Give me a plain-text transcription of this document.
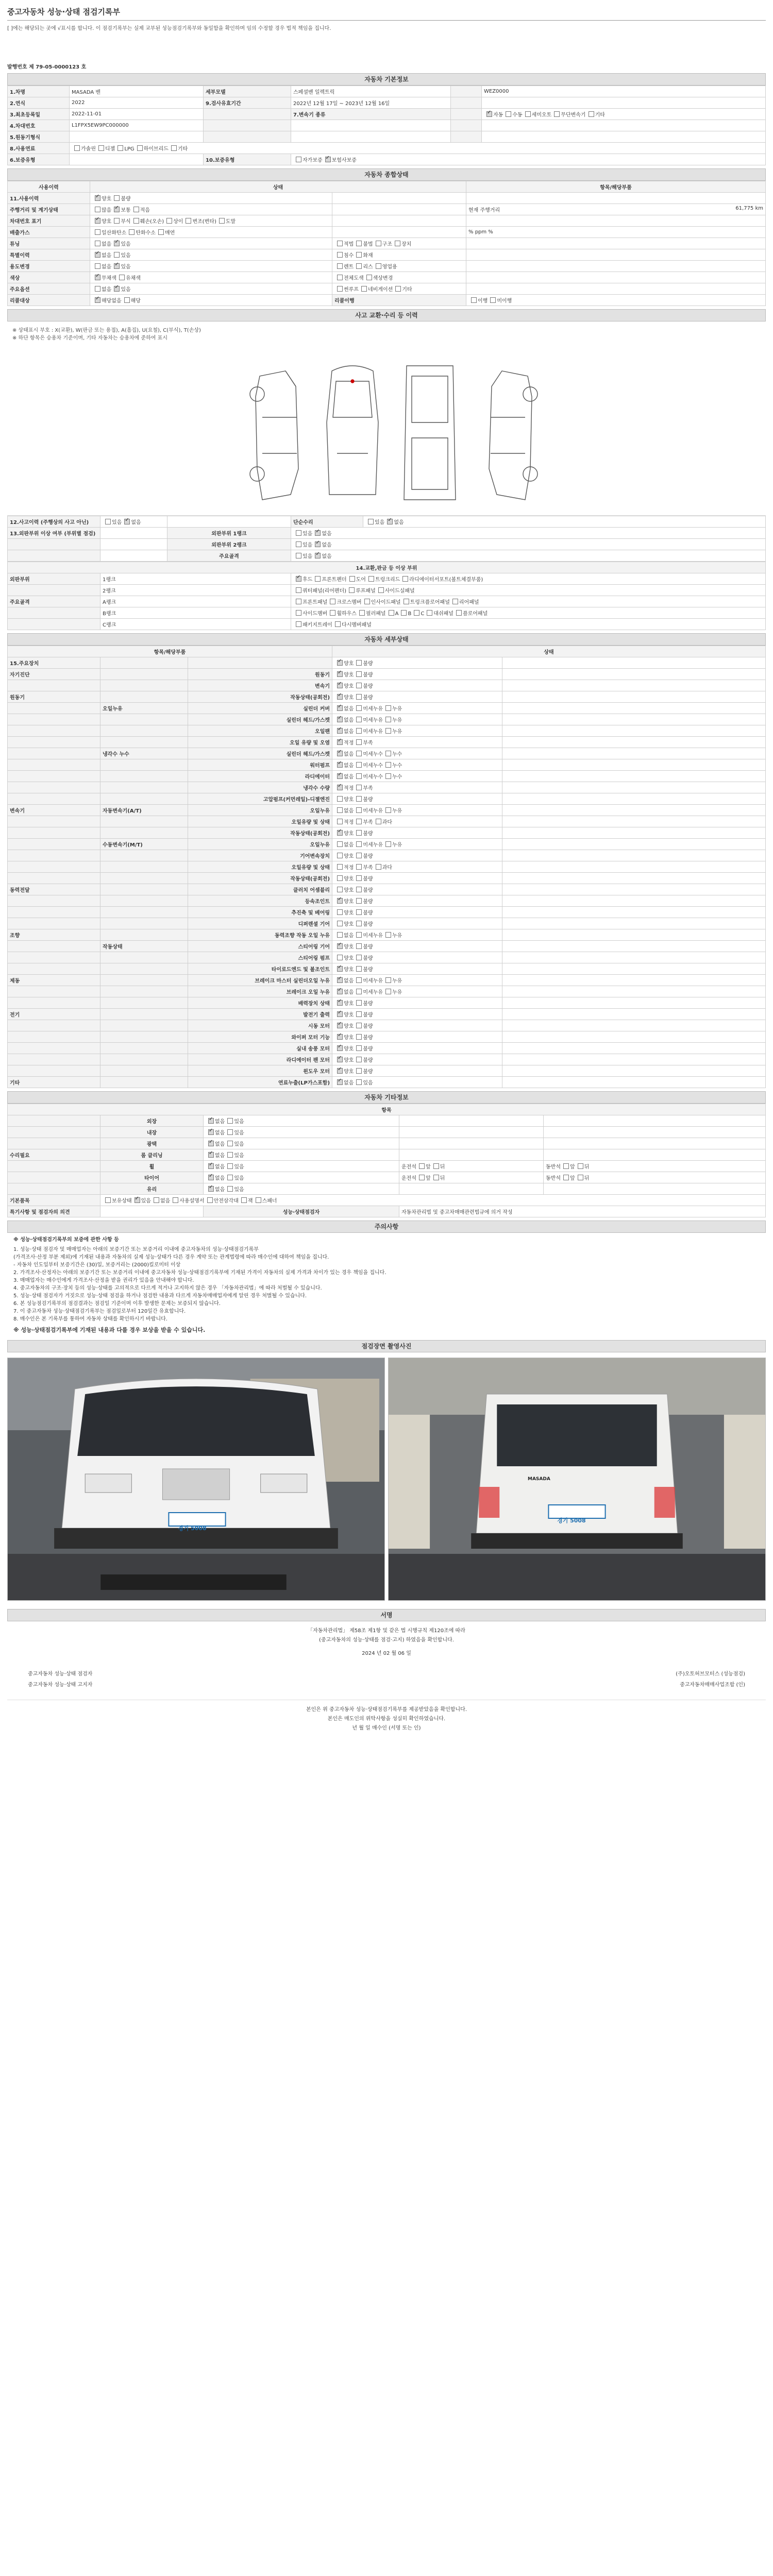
중고자동차 성능·상태 점검기록부
[ ]에는 해당되는 곳에 √표시를 합니다. 이 점검기록부는 실제 교부된 성능점검기록부와 동일함을 확인하며 임의 수정할 경우 법적 책임을 집니다.
발행번호 제 79-05-0000123 호
자동차 기본정보
1.차명	MASADA 밴	세부모델	스페셜밴 일렉트릭		WEZ0000
2.연식	2022	9.검사유효기간	2022년 12월 17일 ~ 2023년 12월 16일		
3.최초등록일	2022-11-01		7.변속기 종류		✓자동 수동 세미오토 무단변속기 기타
4.차대번호	L1FPX5EW9PC000000				
5.원동기형식					
8.사용연료	가솔린 디젤 LPG 하이브리드 기타				
6.보증유형		10.보증유형	자가보증 ✓ 보험사보증
자동차 종합상태
사용이력	상태		항목/해당부품
11.사용이력	✓양호 불량		
주행거리 및 계기상태	많음 ✓ 보통 적음		현재 주행거리 61,775 km

차대번호 표기	✓양호 부식 훼손(오손) 상이 변조(변타) 도말		
배출가스	일산화탄소 탄화수소 매연		% ppm %
튜닝	없음 ✓ 있음	적법 불법 구조 장치	
특별이력	✓없음 있음	침수 화재	
용도변경	없음 ✓ 있음	렌트 리스 영업용	
색상	✓무채색 유채색	전체도색 색상변경	
주요옵션	없음 ✓ 있음	썬루프 네비게이션 기타	
리콜대상	✓해당없음 해당	리콜이행	이행 미이행
사고 교환·수리 등 이력
※ 상태표시 부호 : X(교환), W(판금 또는 용접), A(흠집), U(요철), C(부식), T(손상)
※ 하단 항목은 승용차 기준이며, 기타 자동차는 승용차에 준하여 표시
12.사고이력 (주행상의 사고 아닌)	있음 ✓ 없음		단순수리	있음 ✓ 없음
13.외판부위 이상 여부 (부위별 점검)		외판부위 1랭크	있음 ✓ 없음
		외판부위 2랭크	있음 ✓ 없음
		주요골격	있음 ✓ 없음
14.교환,판금 등 이상 부위		
외판부위	1랭크	✓후드 프론트펜더 도어 트렁크리드 라디에이터서포트(볼트체결부품)
	2랭크	쿼터패널(리어펜더) 루프패널 사이드실패널
주요골격	A랭크	프론트패널 크로스멤버 인사이드패널 트렁크플로어패널 리어패널
	B랭크	사이드멤버 휠하우스 필러패널 A B C 대쉬패널 플로어패널
	C랭크	패키지트레이 다시멤버패널
자동차 세부상태
항목/해당부품			상태	
15.주요장치			✓양호 불량	
자기진단		원동기	✓양호 불량	
		변속기	✓양호 불량	
원동기		작동상태(공회전)	✓양호 불량	
	오일누유	실린더 커버	✓없음 미세누유 누유	
		실린더 헤드/가스켓	✓없음 미세누유 누유	
		오일팬	✓없음 미세누유 누유	
		오일 유량 및 오염	✓적정 부족	
	냉각수 누수	실린더 헤드/가스켓	✓없음 미세누수 누수	
		워터펌프	✓없음 미세누수 누수	
		라디에이터	✓없음 미세누수 누수	
		냉각수 수량	✓적정 부족	
		고압펌프(커먼레일)-디젤엔진	양호 불량	
변속기	자동변속기(A/T)	오일누유	없음 미세누유 누유	
		오일유량 및 상태	적정 부족 과다	
		작동상태(공회전)	✓양호 불량	
	수동변속기(M/T)	오일누유	없음 미세누유 누유	
		기어변속장치	양호 불량	
		오일유량 및 상태	적정 부족 과다	
		작동상태(공회전)	양호 불량	
동력전달		클러치 어셈블리	양호 불량	
		등속조인트	✓양호 불량	
		추진축 및 베어링	양호 불량	
		디퍼렌셜 기어	양호 불량	
조향		동력조향 작동 오일 누유	없음 미세누유 누유	
	작동상태	스티어링 기어	✓양호 불량	
		스티어링 펌프	양호 불량	
		타이로드엔드 및 볼조인트	✓양호 불량	
제동		브레이크 마스터 실린더오일 누유	✓없음 미세누유 누유	
		브레이크 오일 누유	✓없음 미세누유 누유	
		배력장치 상태	✓양호 불량	
전기		발전기 출력	✓양호 불량	
		시동 모터	✓양호 불량	
		와이퍼 모터 기능	✓양호 불량	
		실내 송풍 모터	✓양호 불량	
		라디에이터 팬 모터	✓양호 불량	
		윈도우 모터	✓양호 불량	
기타		연료누출(LP가스포함)	✓없음 있음	
자동차 기타정보
항목				
	외장	✓없음 있음		
	내장	✓없음 있음		
	광택	✓없음 있음		
수리필요	룸 클리닝	✓없음 있음		
	휠	✓없음 있음	운전석 앞 뒤	동반석 앞 뒤
	타이어	✓없음 있음	운전석 앞 뒤	동반석 앞 뒤
	유리	✓없음 있음		
기본품목	보유상태 ✓ 있음 없음 사용설명서 안전삼각대 잭 스패너
특기사항 및 점검자의 의견		성능·상태점검자	자동차관리법 및 중고차매매관련법규에 의거 작성	
주의사항
※ 성능·상태점검기록부의 보증에 관한 사항 등
1. 성능·상태 점검자 및 매매업자는 아래의 보증기간 또는 보증거리 이내에 중고자동차의 성능·상태점검기록부
(가격조사·산정 부분 제외)에 기재된 내용과 자동차의 실제 성능·상태가 다른 경우 계약 또는 관계법령에 따라 매수인에 대하여 책임을 집니다.
- 자동차 인도일부터 보증기간은 (30)일, 보증거리는 (2000)킬로미터 이상
2. 가격조사·산정자는 아래의 보증기간 또는 보증거리 이내에 중고자동차 성능·상태점검기록부에 기재된 가격이 자동차의 실제 가격과 차이가 있는 경우 책임을 집니다.
3. 매매업자는 매수인에게 가격조사·산정을 받을 권리가 있음을 안내해야 합니다.
4. 중고자동차의 구조·장치 등의 성능·상태를 고의적으로 다르게 적거나 고지하지 않은 경우 「자동차관리법」에 따라 처벌될 수 있습니다.
5. 성능·상태 점검자가 거짓으로 성능·상태 점검을 하거나 점검한 내용과 다르게 자동차매매업자에게 알린 경우 처벌될 수 있습니다.
6. 본 성능점검기록부의 점검결과는 점검일 기준이며 이후 발생한 문제는 보증되지 않습니다.
7. 이 중고자동차 성능·상태점검기록부는 점검일로부터 120일간 유효합니다.
8. 매수인은 본 기록부를 통하여 자동차 상태를 확인하시기 바랍니다.
※ 성능·상태점검기록부에 기재된 내용과 다를 경우 보상을 받을 수 있습니다.
점검장면 촬영사진
경기 5008
MASADA
경기 5008
서명
「자동차관리법」 제58조 제1항 및 같은 법 시행규칙 제120조에 따라
(중고자동차의 성능·상태를 점검·고지) 하였음을 확인합니다.
2024 년 02 월 06 일
중고자동차 성능·상태 점검자	(주)오토허브모터스 (성능점검)
중고자동차 성능·상태 고지자	중고자동차매매사업조합 (인)
본인은 위 중고자동차 성능·상태점검기록부를 제공받았음을 확인합니다.
본인은 매도인의 위탁사항을 성실히 확인하였습니다.
년 월 일 매수인 (서명 또는 인)
